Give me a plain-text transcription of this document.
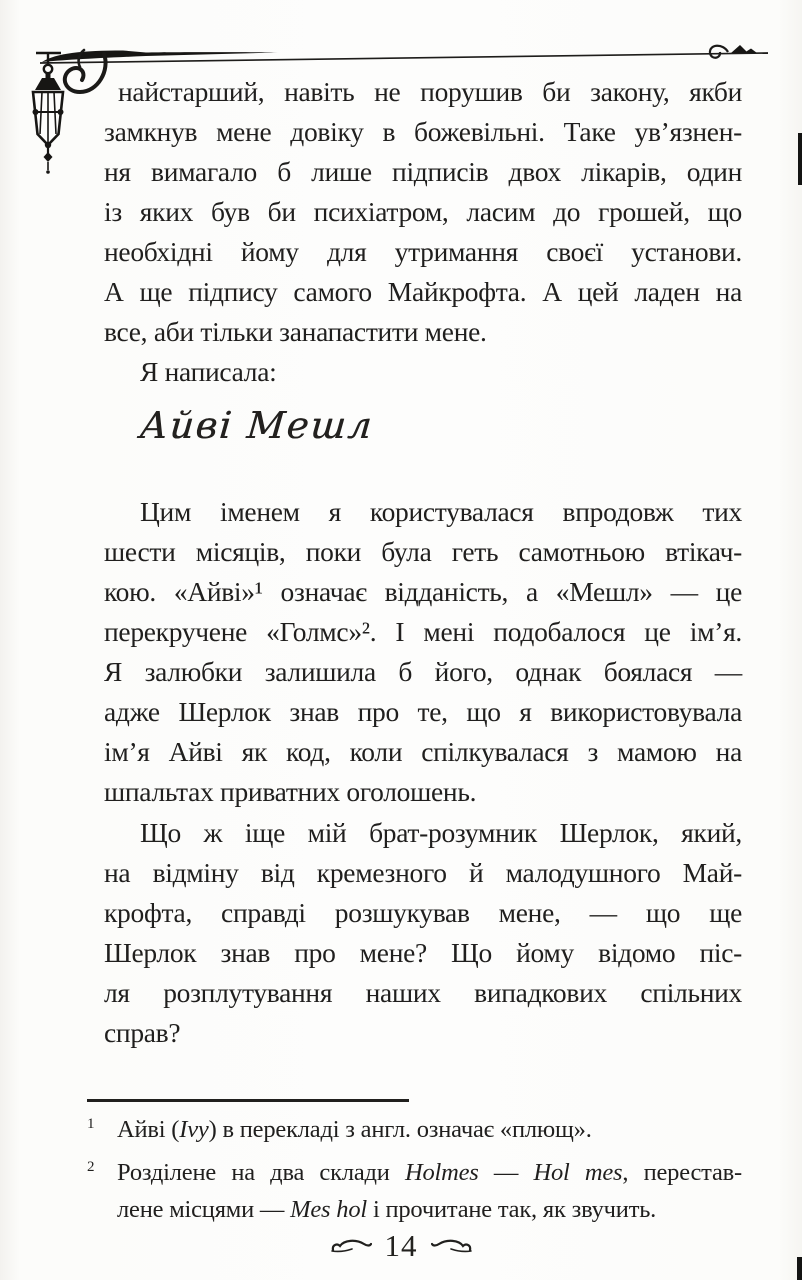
найстарший, навіть не порушив би закону, якби
замкнув мене довіку в божевільні. Таке ув’язнен-
ня вимагало б лише підписів двох лікарів, один
із яких був би психіатром, ласим до грошей, що
необхідні йому для утримання своєї установи.
А ще підпису самого Майкрофта. А цей ладен на
все, аби тільки занапастити мене.
Я написала:
Айві Мешл
Цим іменем я користувалася впродовж тих
шести місяців, поки була геть самотньою втікач-
кою. «Айві»¹ означає відданість, а «Мешл» — це
перекручене «Голмс»². І мені подобалося це ім’я.
Я залюбки залишила б його, однак боялася —
адже Шерлок знав про те, що я використовувала
ім’я Айві як код, коли спілкувалася з мамою на
шпальтах приватних оголошень.
Що ж іще мій брат-розумник Шерлок, який,
на відміну від кремезного й малодушного Май-
крофта, справді розшукував мене, — що ще
Шерлок знав про мене? Що йому відомо піс-
ля розплутування наших випадкових спільних
справ?
1 Айві (Ivy) в перекладі з англ. означає «плющ».
2 Розділене на два склади Holmes — Hol mes, перестав-
лене місцями — Mes hol і прочитане так, як звучить.
14
